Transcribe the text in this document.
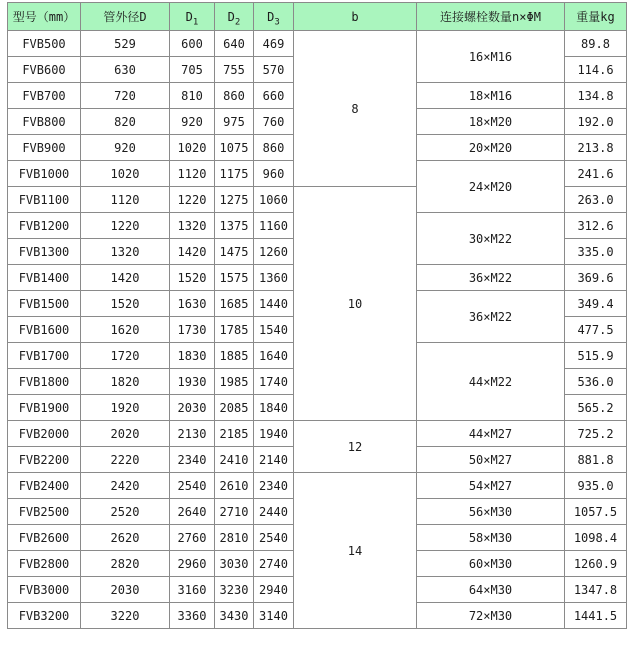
型号（mm）	管外径D	$D_1$	$D_2$	$D_3$	b	连接螺栓数量n×ΦM	重量kg
FVB500	529	600	640	469	8	16×M16	89.8
FVB600	630	705	755	570			114.6
FVB700	720	810	860	660		18×M16	134.8
FVB800	820	920	975	760		18×M20	192.0
FVB900	920	1020	1075	860		20×M20	213.8
FVB1000	1020	1120	1175	960		24×M20	241.6
FVB1100	1120	1220	1275	1060	10		263.0
FVB1200	1220	1320	1375	1160		30×M22	312.6
FVB1300	1320	1420	1475	1260			335.0
FVB1400	1420	1520	1575	1360		36×M22	369.6
FVB1500	1520	1630	1685	1440		36×M22	349.4
FVB1600	1620	1730	1785	1540			477.5
FVB1700	1720	1830	1885	1640		44×M22	515.9
FVB1800	1820	1930	1985	1740			536.0
FVB1900	1920	2030	2085	1840			565.2
FVB2000	2020	2130	2185	1940	12	44×M27	725.2
FVB2200	2220	2340	2410	2140		50×M27	881.8
FVB2400	2420	2540	2610	2340	14	54×M27	935.0
FVB2500	2520	2640	2710	2440		56×M30	1057.5
FVB2600	2620	2760	2810	2540		58×M30	1098.4
FVB2800	2820	2960	3030	2740		60×M30	1260.9
FVB3000	2030	3160	3230	2940		64×M30	1347.8
FVB3200	3220	3360	3430	3140		72×M30	1441.5
